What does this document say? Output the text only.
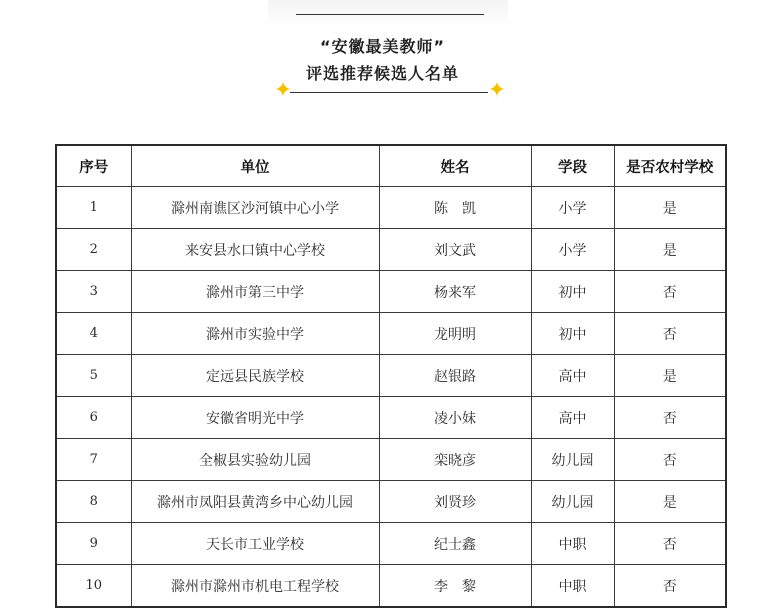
“安徽最美教师”
评选推荐候选人名单
✦	✦
序号	单位	姓名	学段	是否农村学校
1	滁州南谯区沙河镇中心小学	陈　凯	小学	是
2	来安县水口镇中心学校	刘文武	小学	是
3	滁州市第三中学	杨来军	初中	否
4	滁州市实验中学	龙明明	初中	否
5	定远县民族学校	赵银路	高中	是
6	安徽省明光中学	凌小妹	高中	否
7	全椒县实验幼儿园	栾晓彦	幼儿园	否
8	滁州市凤阳县黄湾乡中心幼儿园	刘贤珍	幼儿园	是
9	天长市工业学校	纪士鑫	中职	否
10	滁州市滁州市机电工程学校	李　黎	中职	否
